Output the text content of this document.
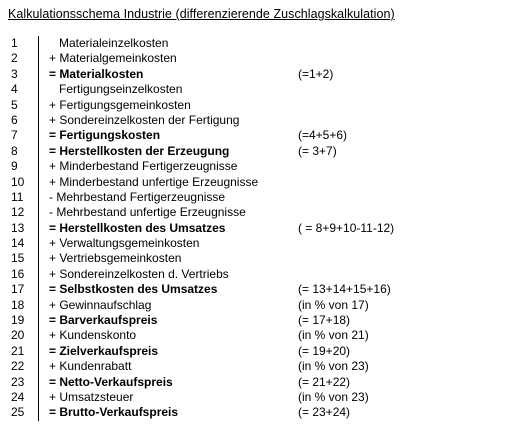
Kalkulationsschema Industrie (differenzierende Zuschlagskalkulation)
1	Materialeinzelkosten
2	+ Materialgemeinkosten
3	= Materialkosten	(=1+2)
4	Fertigungseinzelkosten
5	+ Fertigungsgemeinkosten
6	+ Sondereinzelkosten der Fertigung
7	= Fertigungskosten	(=4+5+6)
8	= Herstellkosten der Erzeugung	(= 3+7)
9	+ Minderbestand Fertigerzeugnisse
10 + Minderbestand unfertige Erzeugnisse
11 - Mehrbestand Fertigerzeugnisse
12 - Mehrbestand unfertige Erzeugnisse
13 = Herstellkosten des Umsatzes	( = 8+9+10-11-12)
14 + Verwaltungsgemeinkosten
15 + Vertriebsgemeinkosten
16 + Sondereinzelkosten d. Vertriebs
17 = Selbstkosten des Umsatzes	(= 13+14+15+16)
18 + Gewinnaufschlag	(in % von 17)
19 = Barverkaufspreis	(= 17+18)
20 + Kundenskonto	(in % von 21)
21 = Zielverkaufspreis	(= 19+20)
22 + Kundenrabatt	(in % von 23)
23 = Netto-Verkaufspreis	(= 21+22)
24 + Umsatzsteuer	(in % von 23)
25 = Brutto-Verkaufspreis	(= 23+24)
